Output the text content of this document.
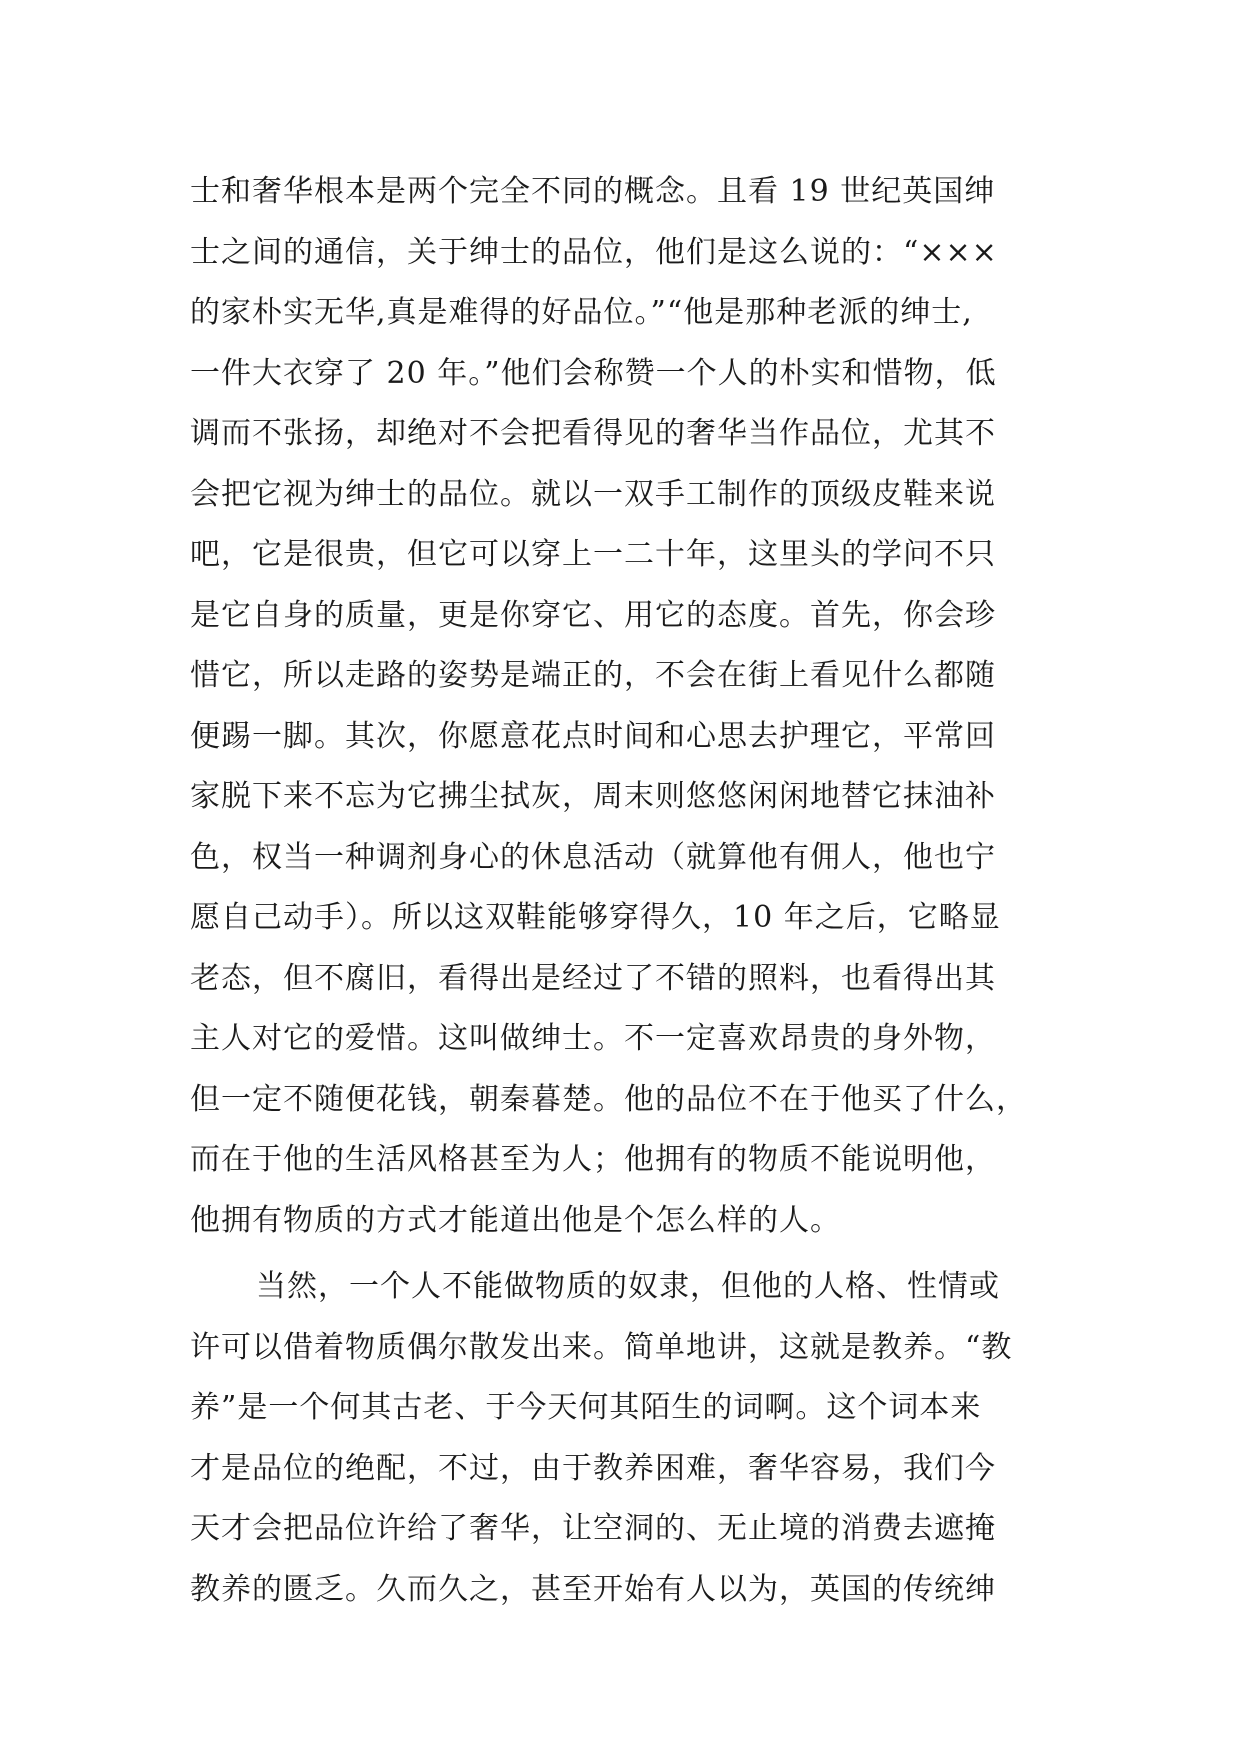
士和奢华根本是两个完全不同的概念。且看 19 世纪英国绅
士之间的通信，关于绅士的品位，他们是这么说的：“×××
的家朴实无华,真是难得的好品位。”“他是那种老派的绅士,
一件大衣穿了 20 年。”他们会称赞一个人的朴实和惜物，低
调而不张扬，却绝对不会把看得见的奢华当作品位，尤其不
会把它视为绅士的品位。就以一双手工制作的顶级皮鞋来说
吧，它是很贵，但它可以穿上一二十年，这里头的学问不只
是它自身的质量，更是你穿它、用它的态度。首先，你会珍
惜它，所以走路的姿势是端正的，不会在街上看见什么都随
便踢一脚。其次，你愿意花点时间和心思去护理它，平常回
家脱下来不忘为它拂尘拭灰，周末则悠悠闲闲地替它抹油补
色，权当一种调剂身心的休息活动（就算他有佣人，他也宁
愿自己动手）。所以这双鞋能够穿得久，10 年之后，它略显
老态，但不腐旧，看得出是经过了不错的照料，也看得出其
主人对它的爱惜。这叫做绅士。不一定喜欢昂贵的身外物，
但一定不随便花钱，朝秦暮楚。他的品位不在于他买了什么，
而在于他的生活风格甚至为人；他拥有的物质不能说明他，
他拥有物质的方式才能道出他是个怎么样的人。
当然，一个人不能做物质的奴隶，但他的人格、性情或
许可以借着物质偶尔散发出来。简单地讲，这就是教养。“教
养”是一个何其古老、于今天何其陌生的词啊。这个词本来
才是品位的绝配，不过，由于教养困难，奢华容易，我们今
天才会把品位许给了奢华，让空洞的、无止境的消费去遮掩
教养的匮乏。久而久之，甚至开始有人以为，英国的传统绅
